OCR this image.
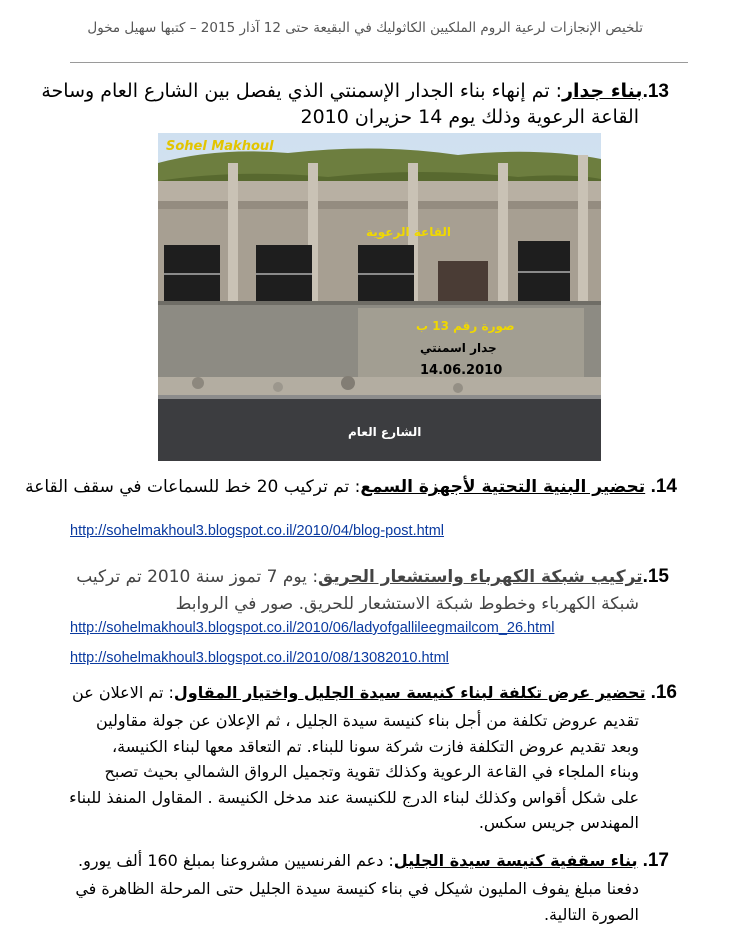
تلخيص الإنجازات لرعية الروم الملكيين الكاثوليك في البقيعة حتى 12 آذار 2015 – كتبها سهيل مخول
13.بناء جدار: تم إنهاء بناء الجدار الإسمنتي الذي يفصل بين الشارع العام وساحة
القاعة الرعوية وذلك يوم 14 حزيران 2010
Sohel Makhoul
القاعة الرعوية
صورة رقم 13 ب
جدار اسمنتي
14.06.2010
الشارع العام
14. تحضير البنية التحتية لأجهزة السمع: تم تركيب 20 خط للسماعات في سقف القاعة
http://sohelmakhoul3.blogspot.co.il/2010/04/blog-post.html
15.تركيب شبكة الكهرباء واستشعار الحريق: يوم 7 تموز سنة 2010 تم تركيب
شبكة الكهرباء وخطوط شبكة الاستشعار للحريق. صور في الروابط
http://sohelmakhoul3.blogspot.co.il/2010/06/ladyofgallileegmailcom_26.html
http://sohelmakhoul3.blogspot.co.il/2010/08/13082010.html
16. تحضير عرض تكلفة لبناء كنيسة سيدة الجليل واختيار المقاول: تم الاعلان عن
تقديم عروض تكلفة من أجل بناء كنيسة سيدة الجليل ، ثم الإعلان عن جولة مقاولين
وبعد تقديم عروض التكلفة فازت شركة سونا للبناء. تم التعاقد معها لبناء الكنيسة،
وبناء الملجاء في القاعة الرعوية وكذلك تقوية وتجميل الرواق الشمالي بحيث تصبح
على شكل أقواس وكذلك لبناء الدرج للكنيسة عند مدخل الكنيسة . المقاول المنفذ للبناء
المهندس جريس سكس.
17. بناء سقفية كنيسة سيدة الجليل: دعم الفرنسيين مشروعنا بمبلغ 160 ألف يورو.
دفعنا مبلغ يفوف المليون شيكل في بناء كنيسة سيدة الجليل حتى المرحلة الظاهرة في
الصورة التالية.
